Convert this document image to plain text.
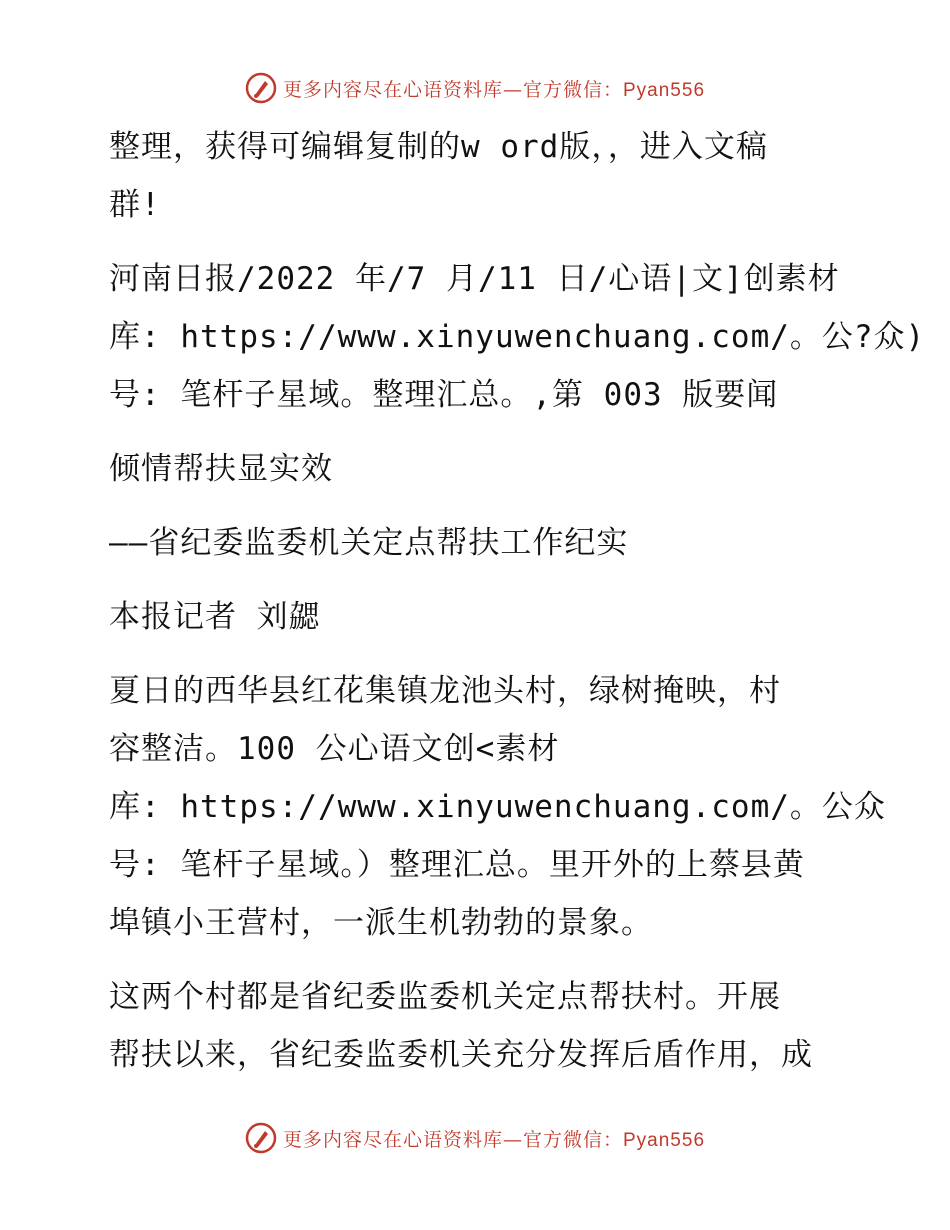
更多内容尽在心语资料库—官方微信：Pyan556

整理，获得可编辑复制的w ord版，，进入文稿
群!

河南日报/2022 年/7 月/11 日/心语|文]创素材
库: https://www.xinyuwenchuang.com/。公?众)
号: 笔杆子星域。整理汇总。,第 003 版要闻

倾情帮扶显实效

——省纪委监委机关定点帮扶工作纪实

本报记者 刘勰

夏日的西华县红花集镇龙池头村，绿树掩映，村
容整洁。100 公心语文创<素材
库: https://www.xinyuwenchuang.com/。公众
号: 笔杆子星域。）整理汇总。里开外的上蔡县黄
埠镇小王营村，一派生机勃勃的景象。

这两个村都是省纪委监委机关定点帮扶村。开展
帮扶以来，省纪委监委机关充分发挥后盾作用，成

更多内容尽在心语资料库—官方微信：Pyan556
